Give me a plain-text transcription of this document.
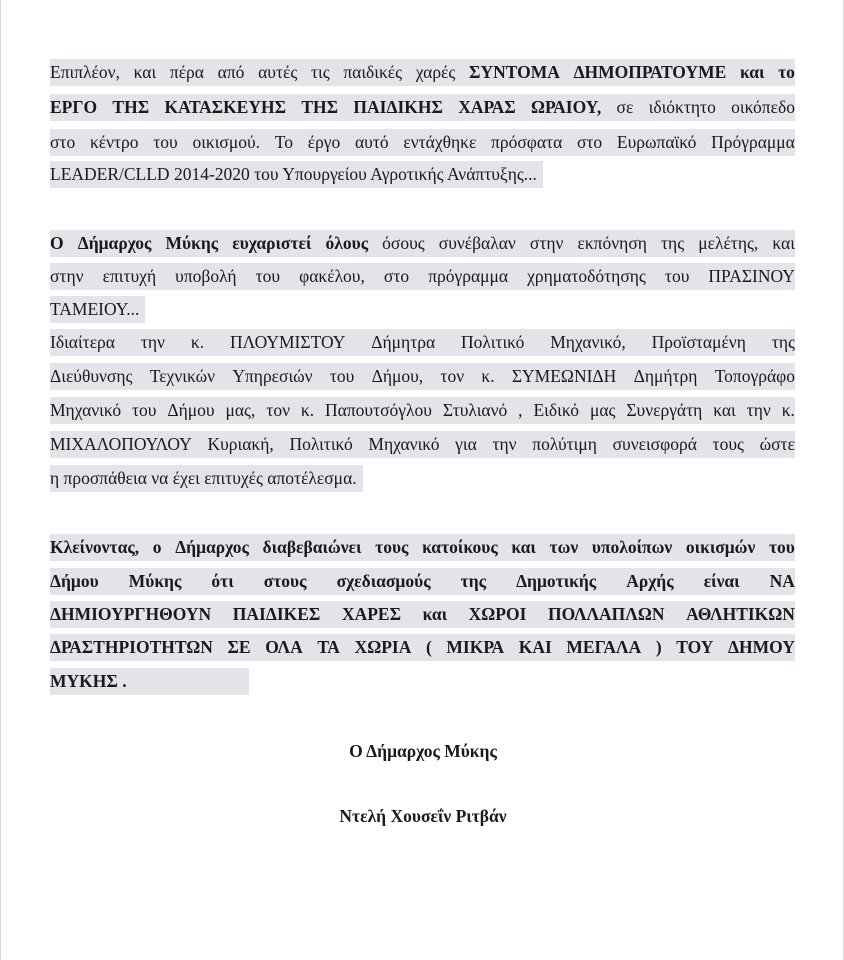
Επιπλέον, και πέρα από αυτές τις παιδικές χαρές ΣΥΝΤΟΜΑ ΔΗΜΟΠΡΑΤΟΥΜΕ και το
ΕΡΓΟ ΤΗΣ ΚΑΤΑΣΚΕΥΗΣ ΤΗΣ ΠΑΙΔΙΚΗΣ ΧΑΡΑΣ ΩΡΑΙΟΥ, σε ιδιόκτητο οικόπεδο
στο κέντρο του οικισμού. Το έργο αυτό εντάχθηκε πρόσφατα στο Ευρωπαϊκό Πρόγραμμα
LEADER/CLLD 2014-2020 του Υπουργείου Αγροτικής Ανάπτυξης...
Ο Δήμαρχος Μύκης ευχαριστεί όλους όσους συνέβαλαν στην εκπόνηση της μελέτης, και
στην επιτυχή υποβολή του φακέλου, στο πρόγραμμα χρηματοδότησης του ΠΡΑΣΙΝΟΥ
ΤΑΜΕΙΟΥ...
Ιδιαίτερα την κ. ΠΛΟΥΜΙΣΤΟΥ Δήμητρα Πολιτικό Μηχανικό, Προϊσταμένη της
Διεύθυνσης Τεχνικών Υπηρεσιών του Δήμου, τον κ. ΣΥΜΕΩΝΙΔΗ Δημήτρη Τοπογράφο
Μηχανικό του Δήμου μας, τον κ. Παπουτσόγλου Στυλιανό , Ειδικό μας Συνεργάτη και την κ.
ΜΙΧΑΛΟΠΟΥΛΟΥ Κυριακή, Πολιτικό Μηχανικό για την πολύτιμη συνεισφορά τους ώστε
η προσπάθεια να έχει επιτυχές αποτέλεσμα.
Κλείνοντας, ο Δήμαρχος διαβεβαιώνει τους κατοίκους και των υπολοίπων οικισμών του
Δήμου Μύκης ότι στους σχεδιασμούς της Δημοτικής Αρχής είναι ΝΑ
ΔΗΜΙΟΥΡΓΗΘΟΥΝ ΠΑΙΔΙΚΕΣ ΧΑΡΕΣ και ΧΩΡΟΙ ΠΟΛΛΑΠΛΩΝ ΑΘΛΗΤΙΚΩΝ
ΔΡΑΣΤΗΡΙΟΤΗΤΩΝ ΣΕ ΟΛΑ ΤΑ ΧΩΡΙΑ ( ΜΙΚΡΑ ΚΑΙ ΜΕΓΑΛΑ ) ΤΟΥ ΔΗΜΟΥ
ΜΥΚΗΣ .
Ο Δήμαρχος Μύκης
Ντελή Χουσεΐν Ριτβάν
